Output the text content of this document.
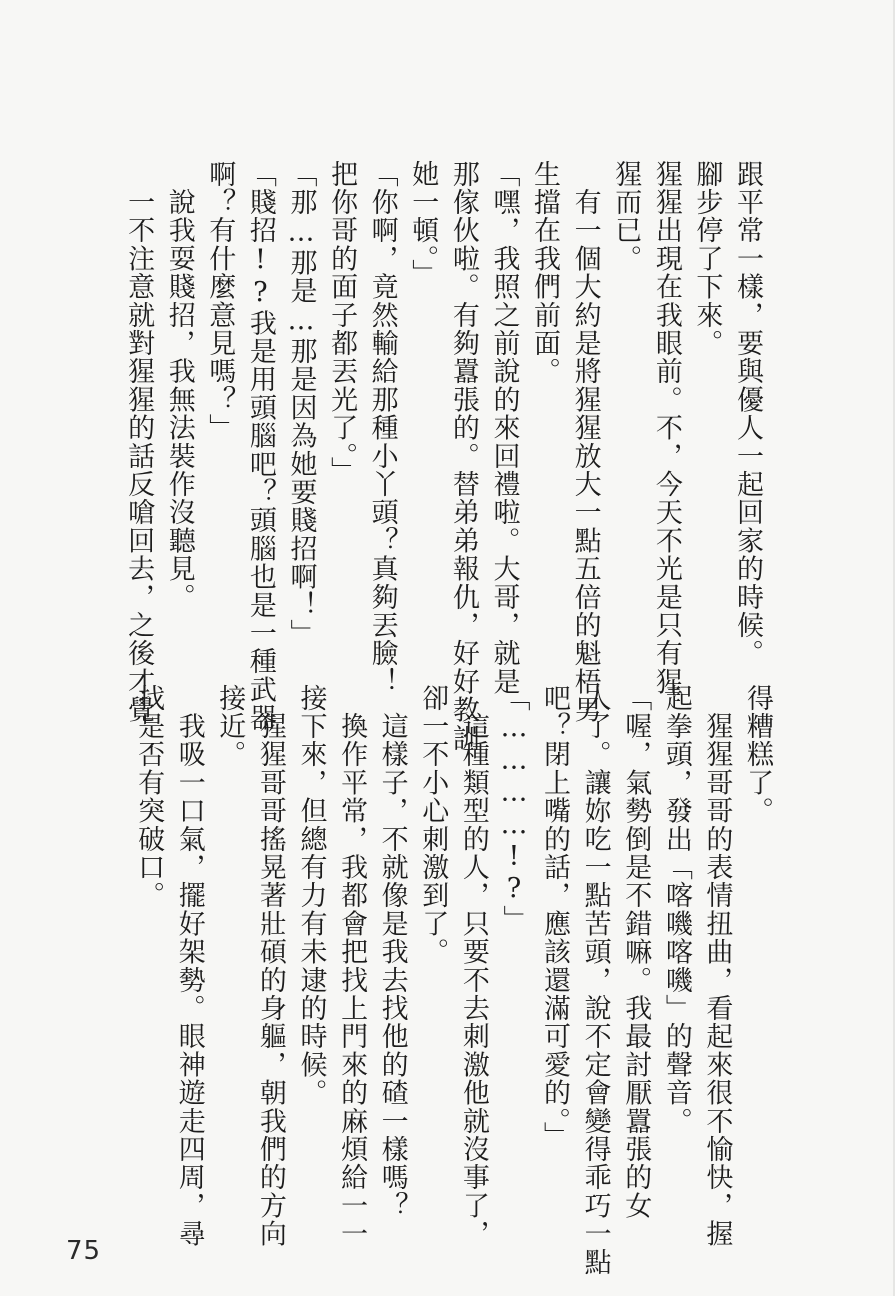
跟平常一樣，要與優人一起回家的時候。
腳步停了下來。
猩猩出現在我眼前。不，今天不光是只有猩
猩而已。
　有一個大約是將猩猩放大一點五倍的魁梧男
生擋在我們前面。
「嘿，我照之前說的來回禮啦。大哥，就是
那傢伙啦。有夠囂張的。替弟弟報仇，好好教訓
她一頓。」
「你啊，竟然輸給那種小丫頭？真夠丟臉！
把你哥的面子都丟光了。」
「那…那是…那是因為她要賤招啊！」
「賤招!?我是用頭腦吧？頭腦也是一種武器
啊？有什麼意見嗎？」
　說我耍賤招，我無法裝作沒聽見。
　一不注意就對猩猩的話反嗆回去，之後才覺
得糟糕了。
　猩猩哥哥的表情扭曲，看起來很不愉快，握
起拳頭，發出「喀嘰喀嘰」的聲音。
「喔，氣勢倒是不錯嘛。我最討厭囂張的女
人了。讓妳吃一點苦頭，說不定會變得乖巧一點
吧？閉上嘴的話，應該還滿可愛的。」
「…………!?」
　這種類型的人，只要不去刺激他就沒事了，
卻一不小心刺激到了。
　這樣子，不就像是我去找他的碴一樣嗎？
　換作平常，我都會把找上門來的麻煩給一一
接下來，但總有力有未逮的時候。
　猩猩哥哥搖晃著壯碩的身軀，朝我們的方向
接近。
　我吸一口氣，擺好架勢。眼神遊走四周，尋
找是否有突破口。
75
